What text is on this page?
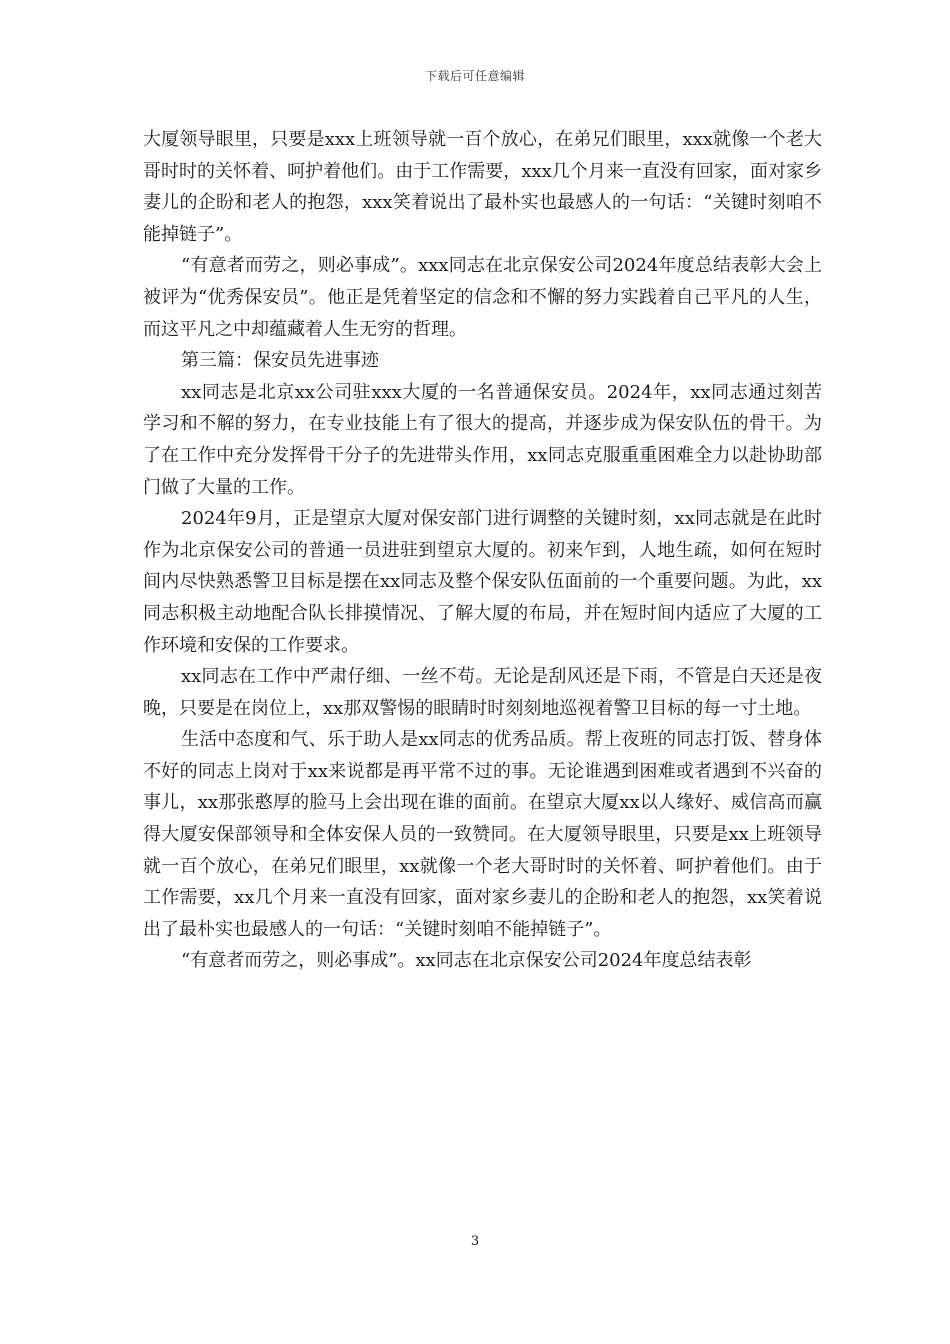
下载后可任意编辑

大厦领导眼里，只要是xxx上班领导就一百个放心，在弟兄们眼里，xxx就像一个老大哥时时的关怀着、呵护着他们。由于工作需要，xxx几个月来一直没有回家，面对家乡妻儿的企盼和老人的抱怨，xxx笑着说出了最朴实也最感人的一句话：“关键时刻咱不能掉链子”。

“有意者而劳之，则必事成”。xxx同志在北京保安公司2024年度总结表彰大会上被评为“优秀保安员”。他正是凭着坚定的信念和不懈的努力实践着自己平凡的人生，而这平凡之中却蕴藏着人生无穷的哲理。

第三篇：保安员先进事迹

xx同志是北京xx公司驻xxx大厦的一名普通保安员。2024年，xx同志通过刻苦学习和不解的努力，在专业技能上有了很大的提高，并逐步成为保安队伍的骨干。为了在工作中充分发挥骨干分子的先进带头作用，xx同志克服重重困难全力以赴协助部门做了大量的工作。

2024年9月，正是望京大厦对保安部门进行调整的关键时刻，xx同志就是在此时作为北京保安公司的普通一员进驻到望京大厦的。初来乍到，人地生疏，如何在短时间内尽快熟悉警卫目标是摆在xx同志及整个保安队伍面前的一个重要问题。为此，xx同志积极主动地配合队长排摸情况、了解大厦的布局，并在短时间内适应了大厦的工作环境和安保的工作要求。

xx同志在工作中严肃仔细、一丝不苟。无论是刮风还是下雨，不管是白天还是夜晚，只要是在岗位上，xx那双警惕的眼睛时时刻刻地巡视着警卫目标的每一寸土地。

生活中态度和气、乐于助人是xx同志的优秀品质。帮上夜班的同志打饭、替身体不好的同志上岗对于xx来说都是再平常不过的事。无论谁遇到困难或者遇到不兴奋的事儿，xx那张憨厚的脸马上会出现在谁的面前。在望京大厦xx以人缘好、威信高而赢得大厦安保部领导和全体安保人员的一致赞同。在大厦领导眼里，只要是xx上班领导就一百个放心，在弟兄们眼里，xx就像一个老大哥时时的关怀着、呵护着他们。由于工作需要，xx几个月来一直没有回家，面对家乡妻儿的企盼和老人的抱怨，xx笑着说出了最朴实也最感人的一句话：“关键时刻咱不能掉链子”。

“有意者而劳之，则必事成”。xx同志在北京保安公司2024年度总结表彰

3
